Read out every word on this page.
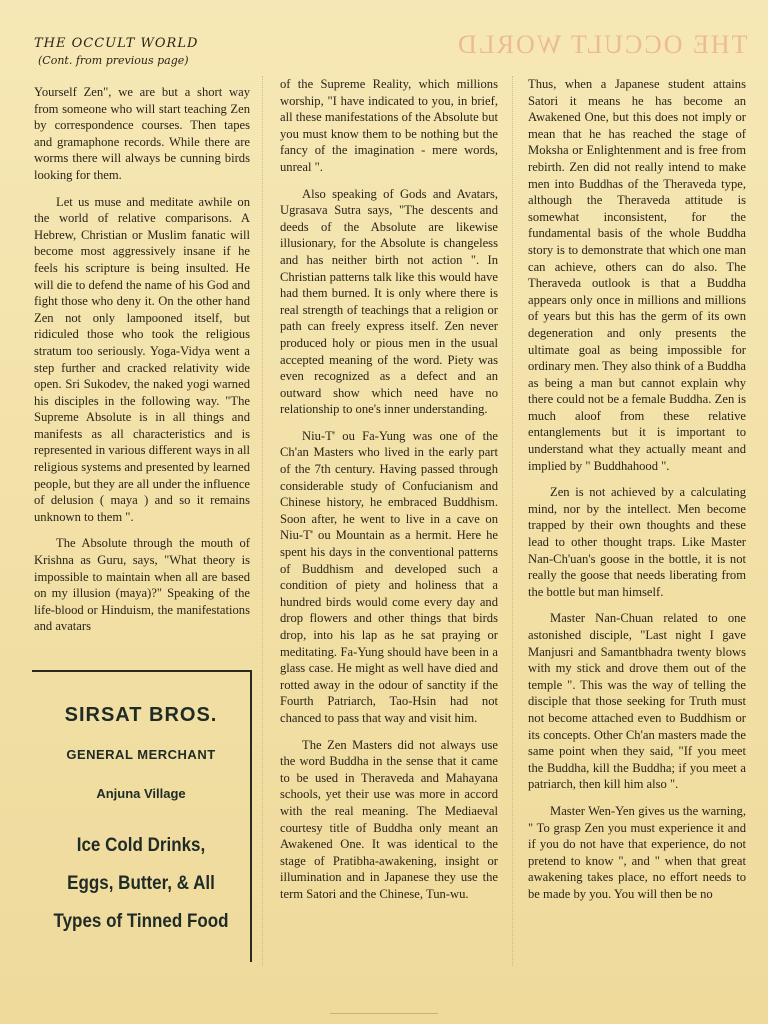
THE OCCULT WORLD
THE OCCULT WORLD
(Cont. from previous page)

Yourself Zen", we are but a short way from someone who will start teaching Zen by correspondence courses. Then tapes and gramaphone records. While there are worms there will always be cunning birds looking for them.

Let us muse and meditate awhile on the world of relative comparisons. A Hebrew, Christian or Muslim fanatic will become most aggressively insane if he feels his scripture is being insulted. He will die to defend the name of his God and fight those who deny it. On the other hand Zen not only lampooned itself, but ridiculed those who took the religious stratum too seriously. Yoga-Vidya went a step further and cracked relativity wide open. Sri Sukodev, the naked yogi warned his disciples in the following way. "The Supreme Absolute is in all things and manifests as all characteristics and is represented in various different ways in all religious systems and presented by learned people, but they are all under the influence of delusion ( maya ) and so it remains unknown to them ".

The Absolute through the mouth of Krishna as Guru, says, "What theory is impossible to maintain when all are based on my illusion (maya)?" Speaking of the life-blood or Hinduism, the manifestations and avatars

SIRSAT BROS.
GENERAL MERCHANT
Anjuna Village
Ice Cold Drinks,
Eggs, Butter, & All
Types of Tinned Food

of the Supreme Reality, which millions worship, "I have indicated to you, in brief, all these manifestations of the Absolute but you must know them to be nothing but the fancy of the imagination - mere words, unreal ".

Also speaking of Gods and Avatars, Ugrasava Sutra says, "The descents and deeds of the Absolute are likewise illusionary, for the Absolute is changeless and has neither birth not action ". In Christian patterns talk like this would have had them burned. It is only where there is real strength of teachings that a religion or path can freely express itself. Zen never produced holy or pious men in the usual accepted meaning of the word. Piety was even recognized as a defect and an outward show which need have no relationship to one's inner understanding.

Niu-T' ou Fa-Yung was one of the Ch'an Masters who lived in the early part of the 7th century. Having passed through considerable study of Confucianism and Chinese history, he embraced Buddhism. Soon after, he went to live in a cave on Niu-T' ou Mountain as a hermit. Here he spent his days in the conventional patterns of Buddhism and developed such a condition of piety and holiness that a hundred birds would come every day and drop flowers and other things that birds drop, into his lap as he sat praying or meditating. Fa-Yung should have been in a glass case. He might as well have died and rotted away in the odour of sanctity if the Fourth Patriarch, Tao-Hsin had not chanced to pass that way and visit him.

The Zen Masters did not always use the word Buddha in the sense that it came to be used in Theraveda and Mahayana schools, yet their use was more in accord with the real meaning. The Mediaeval courtesy title of Buddha only meant an Awakened One. It was identical to the stage of Pratibha-awakening, insight or illumination and in Japanese they use the term Satori and the Chinese, Tun-wu.

Thus, when a Japanese student attains Satori it means he has become an Awakened One, but this does not imply or mean that he has reached the stage of Moksha or Enlightenment and is free from rebirth. Zen did not really intend to make men into Buddhas of the Theraveda type, although the Theraveda attitude is somewhat inconsistent, for the fundamental basis of the whole Buddha story is to demonstrate that which one man can achieve, others can do also. The Theraveda outlook is that a Buddha appears only once in millions and millions of years but this has the germ of its own degeneration and only presents the ultimate goal as being impossible for ordinary men. They also think of a Buddha as being a man but cannot explain why there could not be a female Buddha. Zen is much aloof from these relative entanglements but it is important to understand what they actually meant and implied by " Buddhahood ".

Zen is not achieved by a calculating mind, nor by the intellect. Men become trapped by their own thoughts and these lead to other thought traps. Like Master Nan-Ch'uan's goose in the bottle, it is not really the goose that needs liberating from the bottle but man himself.

Master Nan-Chuan related to one astonished disciple, "Last night I gave Manjusri and Samantbhadra twenty blows with my stick and drove them out of the temple ". This was the way of telling the disciple that those seeking for Truth must not become attached even to Buddhism or its concepts. Other Ch'an masters made the same point when they said, "If you meet the Buddha, kill the Buddha; if you meet a patriarch, then kill him also ".

Master Wen-Yen gives us the warning, " To grasp Zen you must experience it and if you do not have that experience, do not pretend to know ", and " when that great awakening takes place, no effort needs to be made by you. You will then be no
